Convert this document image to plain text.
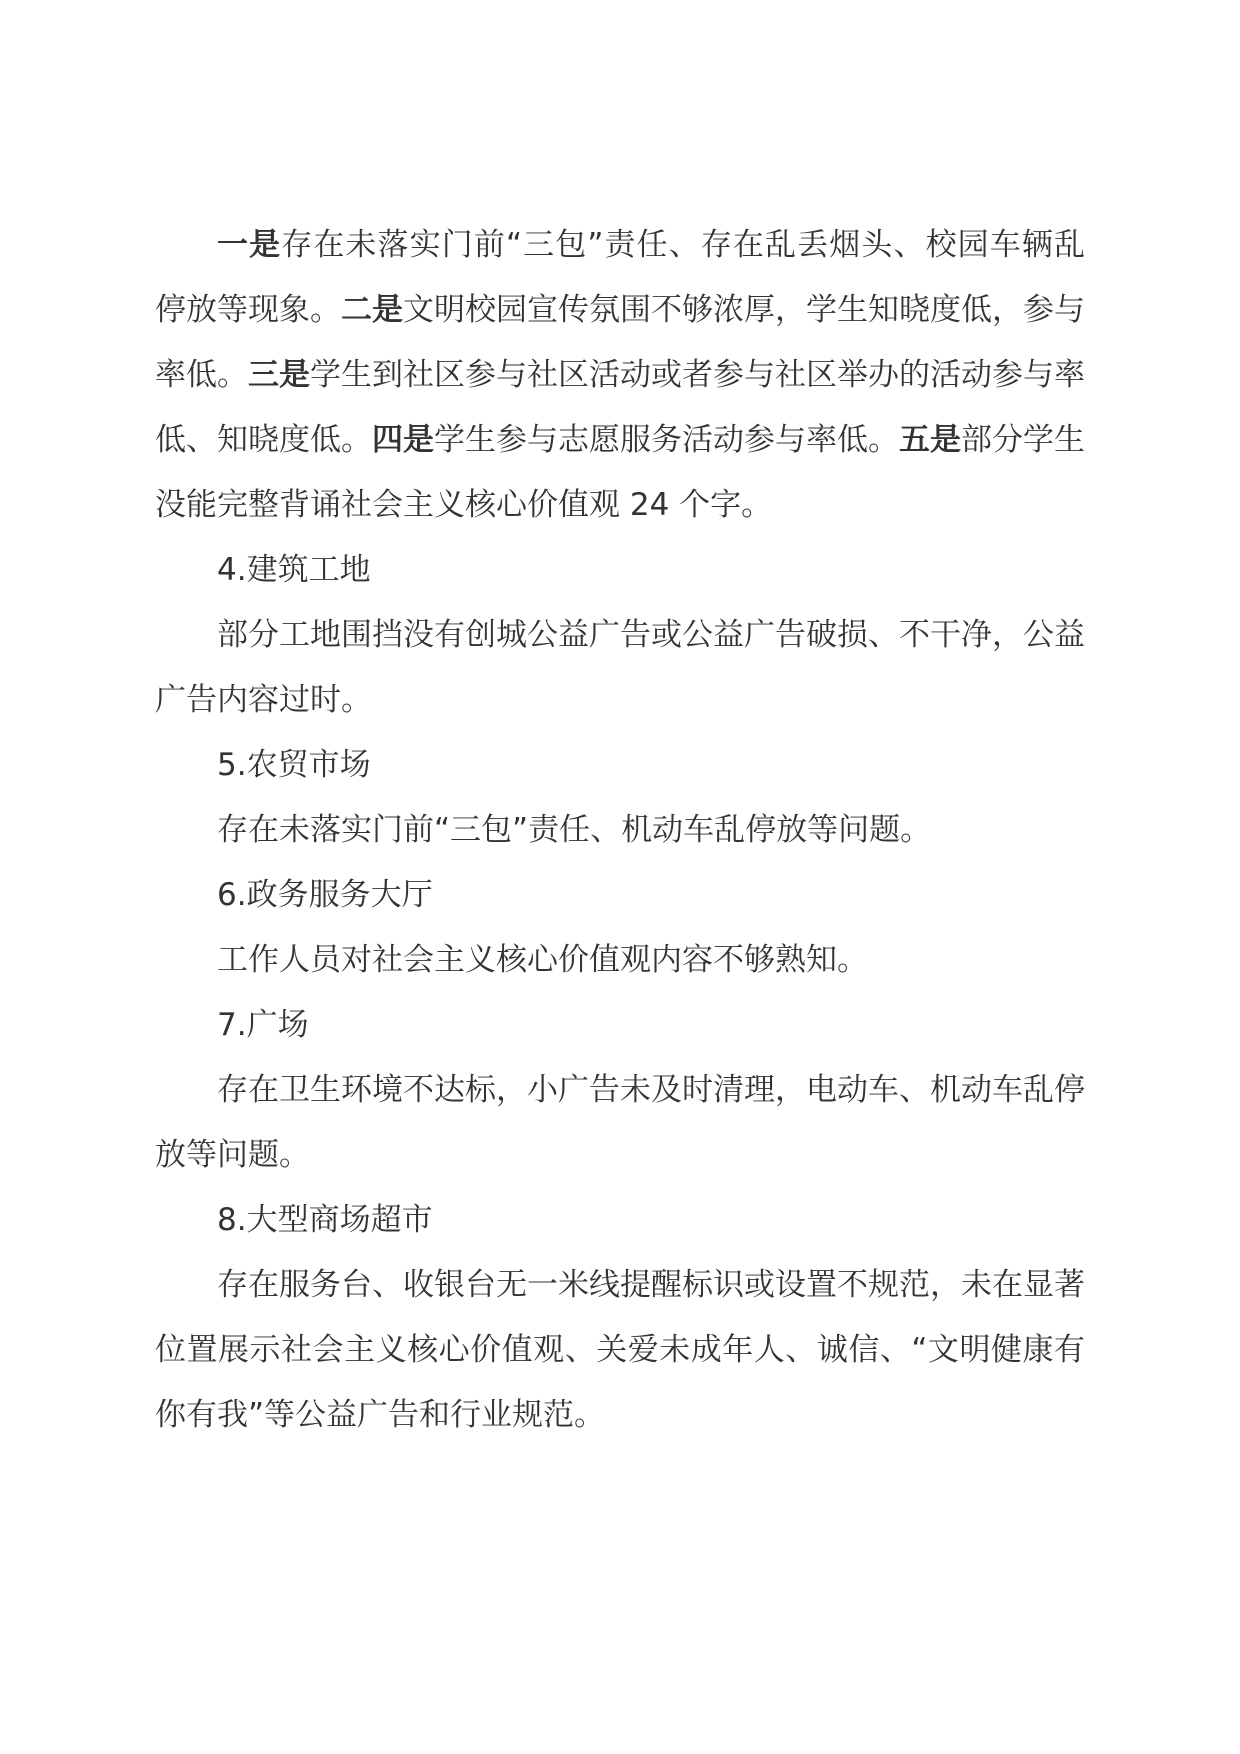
一是存在未落实门前“三包”责任、存在乱丢烟头、校园车辆乱停放等现象。二是文明校园宣传氛围不够浓厚，学生知晓度低，参与率低。三是学生到社区参与社区活动或者参与社区举办的活动参与率低、知晓度低。四是学生参与志愿服务活动参与率低。五是部分学生没能完整背诵社会主义核心价值观 24 个字。

4.建筑工地

部分工地围挡没有创城公益广告或公益广告破损、不干净，公益广告内容过时。

5.农贸市场

存在未落实门前“三包”责任、机动车乱停放等问题。

6.政务服务大厅

工作人员对社会主义核心价值观内容不够熟知。

7.广场

存在卫生环境不达标，小广告未及时清理，电动车、机动车乱停放等问题。

8.大型商场超市

存在服务台、收银台无一米线提醒标识或设置不规范，未在显著位置展示社会主义核心价值观、关爱未成年人、诚信、“文明健康有你有我”等公益广告和行业规范。
